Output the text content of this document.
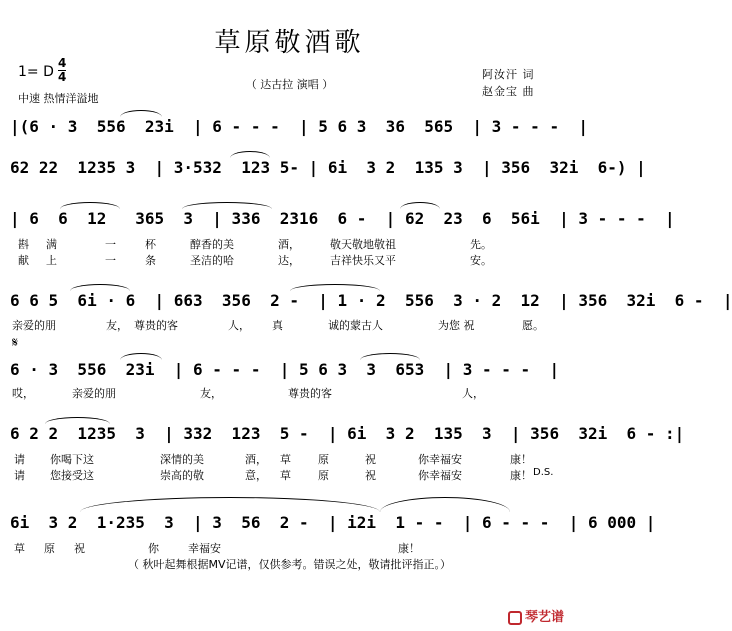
草原敬酒歌
（ 达古拉 演唱 ）
1= D
4
4
中速 热情洋溢地
阿汝汗 词
赵金宝 曲
|(6 · 3  556  23i  | 6 - - -  | 5 6 3  36  565  | 3 - - -  |
62 22  1235 3  | 3·532  123 5- | 6i  3 2  135 3  | 356  32i  6-) |
| 6  6  12   365  3  | 336  2316  6 -  | 62  23  6  56i  | 3 - - -  |
6 6 5  6i · 6  | 663  356  2 -  | 1 · 2  556  3 · 2  12  | 356  32i  6 -  |
6 · 3  556  23i  | 6 - - -  | 5 6 3  3  653  | 3 - - -  |
6 2 2  1235  3  | 332  123  5 -  | 6i  3 2  135  3  | 356  32i  6 - :|
6i  3 2  1·235  3  | 3  56  2 -  | i2i  1 - -  | 6 - - -  | 6 000 |

斟

满

	一

	杯

	醇香的美

	酒，

	敬天敬地敬祖

	先。

献

上

	一

	条

	圣洁的哈

	达，

	吉祥快乐又平

	安。

亲爱的朋

	友，

尊贵的客

	人，

真

	诚的蒙古人

	为您 祝

	愿。

𝄋

哎，

	亲爱的朋

	友，

	尊贵的客

	人，

请

你喝下这

	深情的美

	酒，

草

原

	祝

	你幸福安

	康！

请

您接受这

	崇高的敬

	意，

草

原

	祝

	你幸福安

	康！ D.S.

草

原

祝

	你

	幸福安

	康！

（ 秋叶起舞根据MV记谱，仅供参考。错误之处，敬请批评指正。）
琴艺谱
